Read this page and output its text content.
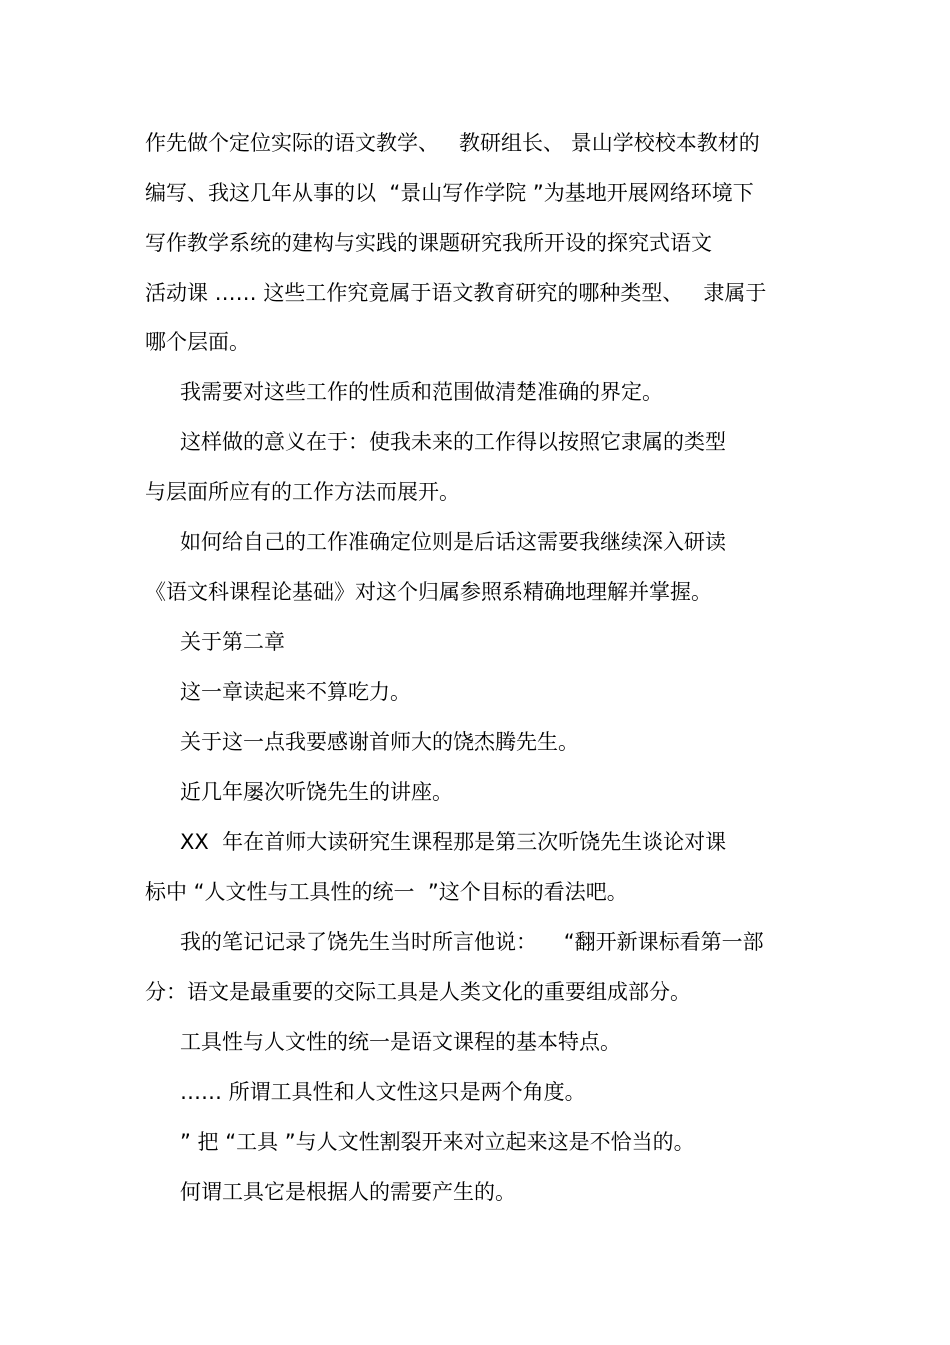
作先做个定位实际的语文教学、   教研组长、 景山学校校本教材的
编写、我这几年从事的以  “景山写作学院 ”为基地开展网络环境下
写作教学系统的建构与实践的课题研究我所开设的探究式语文
活动课 …… 这些工作究竟属于语文教育研究的哪种类型、   隶属于
哪个层面。
我需要对这些工作的性质和范围做清楚准确的界定。
这样做的意义在于：使我未来的工作得以按照它隶属的类型
与层面所应有的工作方法而展开。
如何给自己的工作准确定位则是后话这需要我继续深入研读
《语文科课程论基础》对这个归属参照系精确地理解并掌握。
关于第二章
这一章读起来不算吃力。
关于这一点我要感谢首师大的饶杰腾先生。
近几年屡次听饶先生的讲座。
XX  年在首师大读研究生课程那是第三次听饶先生谈论对课
标中 “人文性与工具性的统一  ”这个目标的看法吧。
我的笔记记录了饶先生当时所言他说：    “翻开新课标看第一部
分：语文是最重要的交际工具是人类文化的重要组成部分。
工具性与人文性的统一是语文课程的基本特点。
…… 所谓工具性和人文性这只是两个角度。
” 把 “工具 ”与人文性割裂开来对立起来这是不恰当的。
何谓工具它是根据人的需要产生的。
